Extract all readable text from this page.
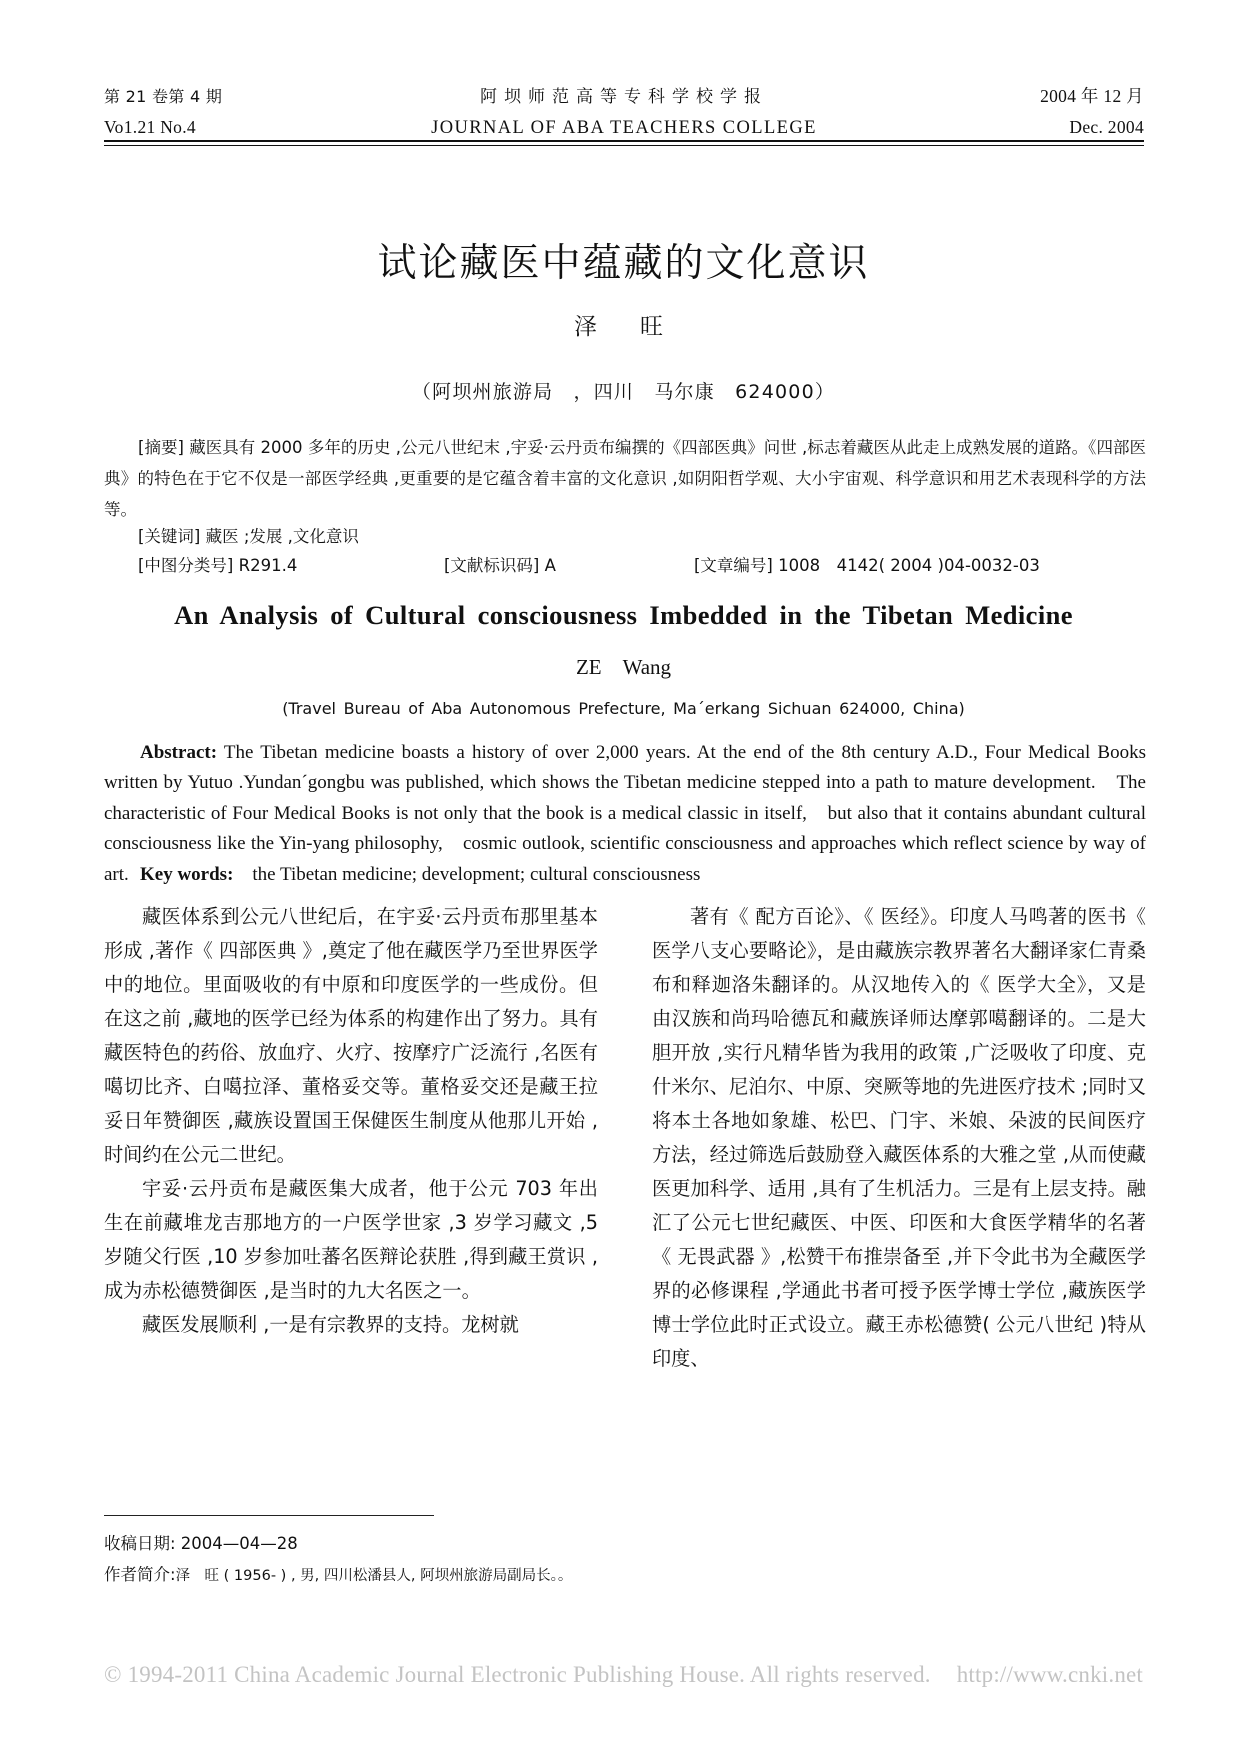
第 21 卷第 4 期	阿坝师范高等专科学校学报	2004 年 12 月
Vo1.21 No.4	JOURNAL OF ABA TEACHERS COLLEGE	Dec. 2004
试论藏医中蕴藏的文化意识
泽　旺
（阿坝州旅游局　，四川　马尔康　624000）
[摘要] 藏医具有 2000 多年的历史 ,公元八世纪末 ,宇妥·云丹贡布编撰的《四部医典》问世 ,标志着藏医从此走上成熟发展的道路。《四部医典》的特色在于它不仅是一部医学经典 ,更重要的是它蕴含着丰富的文化意识 ,如阴阳哲学观、大小宇宙观、科学意识和用艺术表现科学的方法等。
[关键词] 藏医 ;发展 ,文化意识
[中图分类号] R291.4	[文献标识码] A	[文章编号] 1008　4142( 2004 )04-0032-03
An Analysis of Cultural consciousness Imbedded in the Tibetan Medicine
ZE　Wang
(Travel Bureau of Aba Autonomous Prefecture, Ma´erkang Sichuan 624000, China)
Abstract: The Tibetan medicine boasts a history of over 2,000 years. At the end of the 8th century A.D., Four Medical Books written by Yutuo .Yundan´gongbu was published, which shows the Tibetan medicine stepped into a path to mature development.　The characteristic of Four Medical Books is not only that the book is a medical classic in itself,　but also that it contains abundant cultural consciousness like the Yin-yang philosophy,　cosmic outlook, scientific consciousness and approaches which reflect science by way of art. Key words:　the Tibetan medicine; development; cultural consciousness

藏医体系到公元八世纪后，在宇妥·云丹贡布那里基本形成 ,著作《 四部医典 》,奠定了他在藏医学乃至世界医学中的地位。里面吸收的有中原和印度医学的一些成份。但在这之前 ,藏地的医学已经为体系的构建作出了努力。具有藏医特色的药俗、放血疗、火疗、按摩疗广泛流行 ,名医有噶切比齐、白噶拉泽、董格妥交等。董格妥交还是藏王拉妥日年赞御医 ,藏族设置国王保健医生制度从他那儿开始 ,时间约在公元二世纪。

宇妥·云丹贡布是藏医集大成者，他于公元 703 年出生在前藏堆龙吉那地方的一户医学世家 ,3 岁学习藏文 ,5 岁随父行医 ,10 岁参加吐蕃名医辩论获胜 ,得到藏王赏识 ,成为赤松德赞御医 ,是当时的九大名医之一。

藏医发展顺利 ,一是有宗教界的支持。龙树就

著有《 配方百论》、《 医经》。印度人马鸣著的医书《 医学八支心要略论》，是由藏族宗教界著名大翻译家仁青桑布和释迦洛朱翻译的。从汉地传入的《 医学大全》，又是由汉族和尚玛哈德瓦和藏族译师达摩郭噶翻译的。二是大胆开放 ,实行凡精华皆为我用的政策 ,广泛吸收了印度、克什米尔、尼泊尔、中原、突厥等地的先进医疗技术 ;同时又将本土各地如象雄、松巴、门宇、米娘、朵波的民间医疗方法，经过筛选后鼓励登入藏医体系的大雅之堂 ,从而使藏医更加科学、适用 ,具有了生机活力。三是有上层支持。融汇了公元七世纪藏医、中医、印医和大食医学精华的名著《 无畏武器 》,松赞干布推崇备至 ,并下令此书为全藏医学界的必修课程 ,学通此书者可授予医学博士学位 ,藏族医学博士学位此时正式设立。藏王赤松德赞( 公元八世纪 )特从印度、

收稿日期: 2004—04—28
作者简介:泽　旺 ( 1956- ) , 男, 四川松潘县人, 阿坝州旅游局副局长。。
© 1994-2011 China Academic Journal Electronic Publishing House. All rights reserved. http://www.cnki.net
